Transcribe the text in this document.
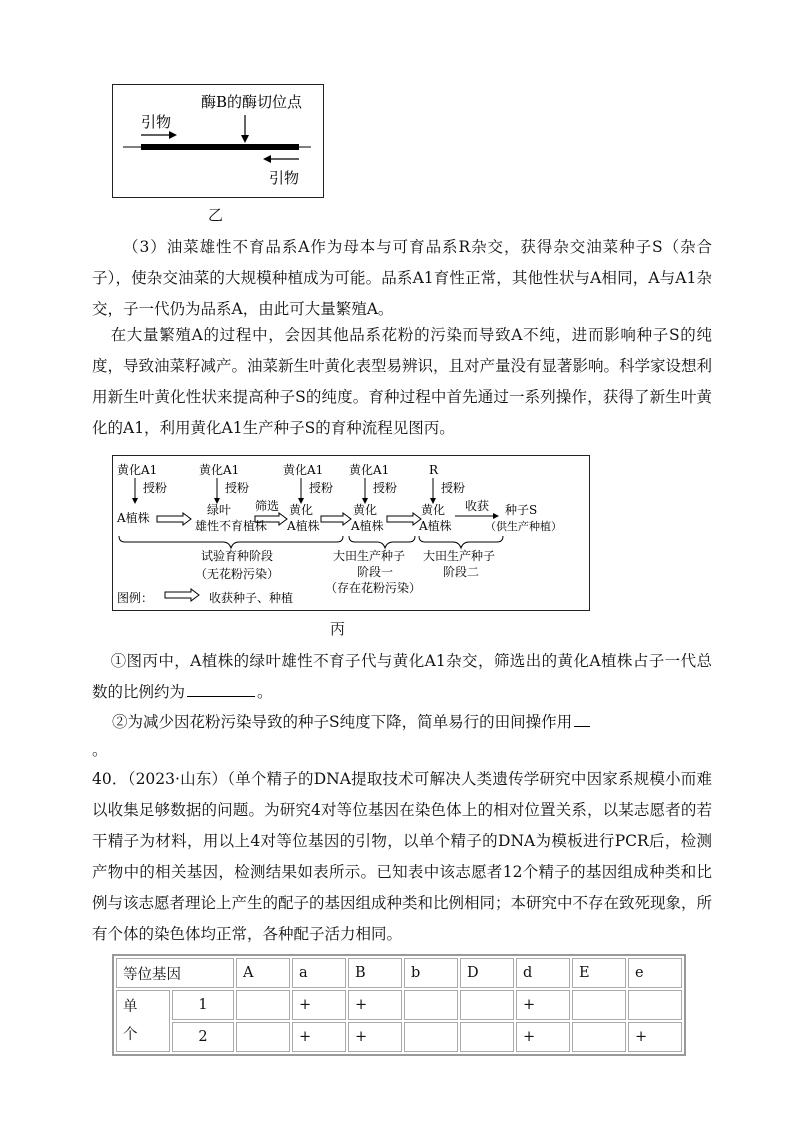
酶B的酶切位点
引物
引物
乙
（3）油菜雄性不育品系A作为母本与可育品系R杂交，获得杂交油菜种子S（杂合子），使杂交油菜的大规模种植成为可能。品系A1育性正常，其他性状与A相同，A与A1杂交，子一代仍为品系A，由此可大量繁殖A。
在大量繁殖A的过程中，会因其他品系花粉的污染而导致A不纯，进而影响种子S的纯度，导致油菜籽减产。油菜新生叶黄化表型易辨识，且对产量没有显著影响。科学家设想利用新生叶黄化性状来提高种子S的纯度。育种过程中首先通过一系列操作，获得了新生叶黄化的A1，利用黄化A1生产种子S的育种流程见图丙。
黄化A1	黄化A1	黄化A1 黄化A1	R
授粉	授粉	授粉	授粉	授粉
A植株
绿叶
雄性不育植株
筛选 黄化
A植株
黄化
A植株
黄化
A植株
收获 种子S
（供生产种植）
试验育种阶段
（无花粉污染）
大田生产种子
阶段一
（存在花粉污染）
大田生产种子
阶段二
图例：	收获种子、种植
丙
①图丙中，A植株的绿叶雄性不育子代与黄化A1杂交，筛选出的黄化A植株占子一代总数的比例约为	。
②为减少因花粉污染导致的种子S纯度下降，简单易行的田间操作用
。
40．（2023·山东）（单个精子的DNA提取技术可解决人类遗传学研究中因家系规模小而难以收集足够数据的问题。为研究4对等位基因在染色体上的相对位置关系，以某志愿者的若干精子为材料，用以上4对等位基因的引物，以单个精子的DNA为模板进行PCR后，检测产物中的相关基因，检测结果如表所示。已知表中该志愿者12个精子的基因组成种类和比例与该志愿者理论上产生的配子的基因组成种类和比例相同；本研究中不存在致死现象，所有个体的染色体均正常，各种配子活力相同。
等位基因		A	a	B	b	D	d	E	e
单
个	1		+	+			+		
	2		+	+			+		+
